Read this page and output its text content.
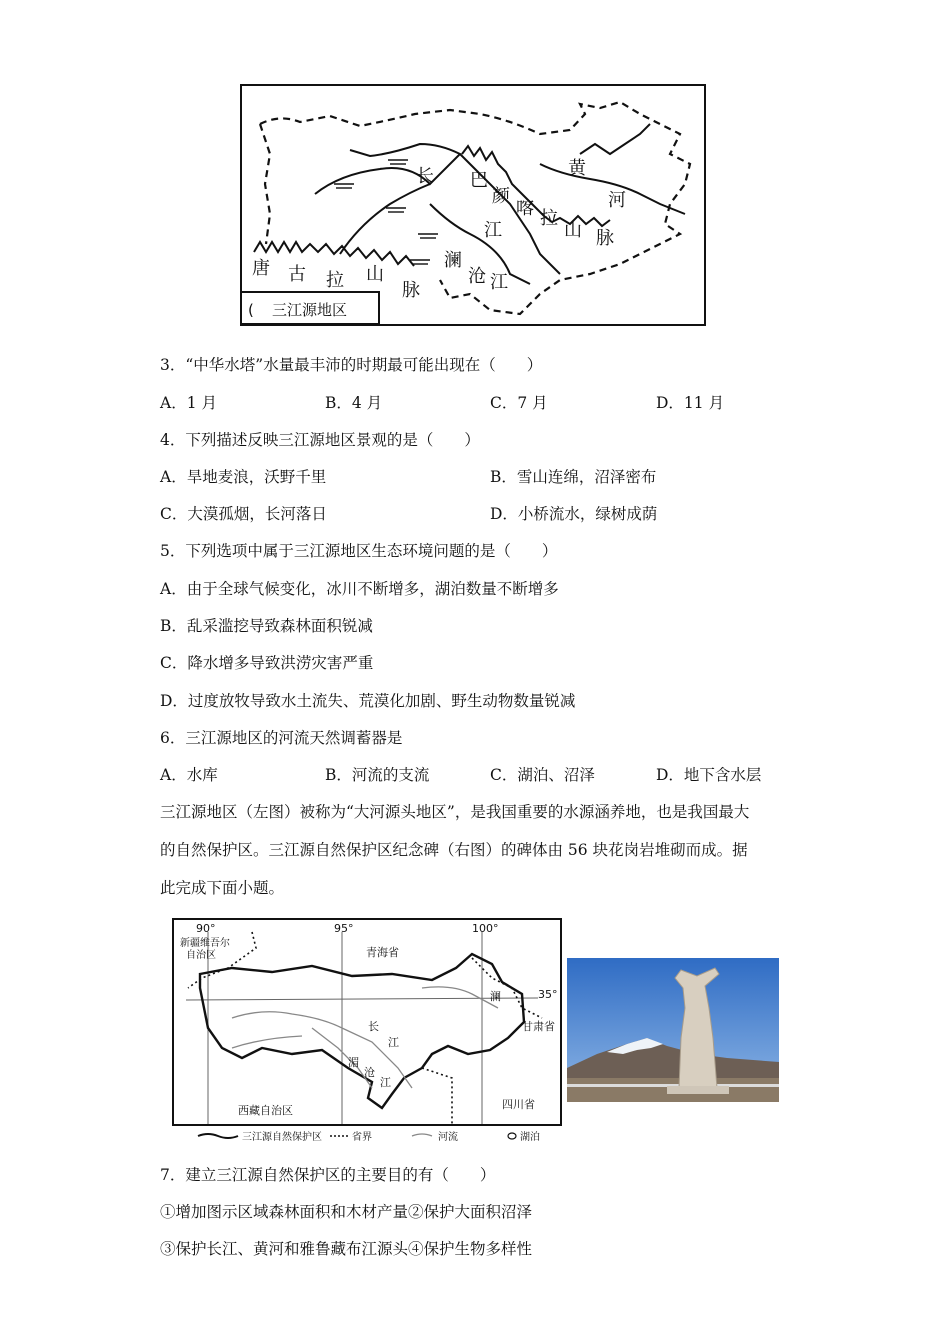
( 三江源地区
唐 古 拉 山
脉
长
江
巴
颜
喀 拉
山 脉
黄
河
澜
沧 江
3．“中华水塔”水量最丰沛的时期最可能出现在（　　）
A．1 月	B．4 月	C．7 月	D．11 月
4．下列描述反映三江源地区景观的是（　　）
A．旱地麦浪，沃野千里	B．雪山连绵，沼泽密布
C．大漠孤烟，长河落日	D．小桥流水，绿树成荫
5．下列选项中属于三江源地区生态环境问题的是（　　）
A．由于全球气候变化，冰川不断增多，湖泊数量不断增多
B．乱采滥挖导致森林面积锐减
C．降水增多导致洪涝灾害严重
D．过度放牧导致水土流失、荒漠化加剧、野生动物数量锐减
6．三江源地区的河流天然调蓄器是
A．水库	B．河流的支流	C．湖泊、沼泽	D．地下含水层
三江源地区（左图）被称为“大河源头地区”，是我国重要的水源涵养地，也是我国最大
的自然保护区。三江源自然保护区纪念碑（右图）的碑体由 56 块花岗岩堆砌而成。据
此完成下面小题。
90°	95°	100°
35°
新疆维吾尔
自治区	青海省
甘肃省
西藏自治区	四川省
长
江
湄
沧
江
澜
三江源自然保护区	省界	河流	湖泊
7．建立三江源自然保护区的主要目的有（　　）
①增加图示区域森林面积和木材产量②保护大面积沼泽
③保护长江、黄河和雅鲁藏布江源头④保护生物多样性
